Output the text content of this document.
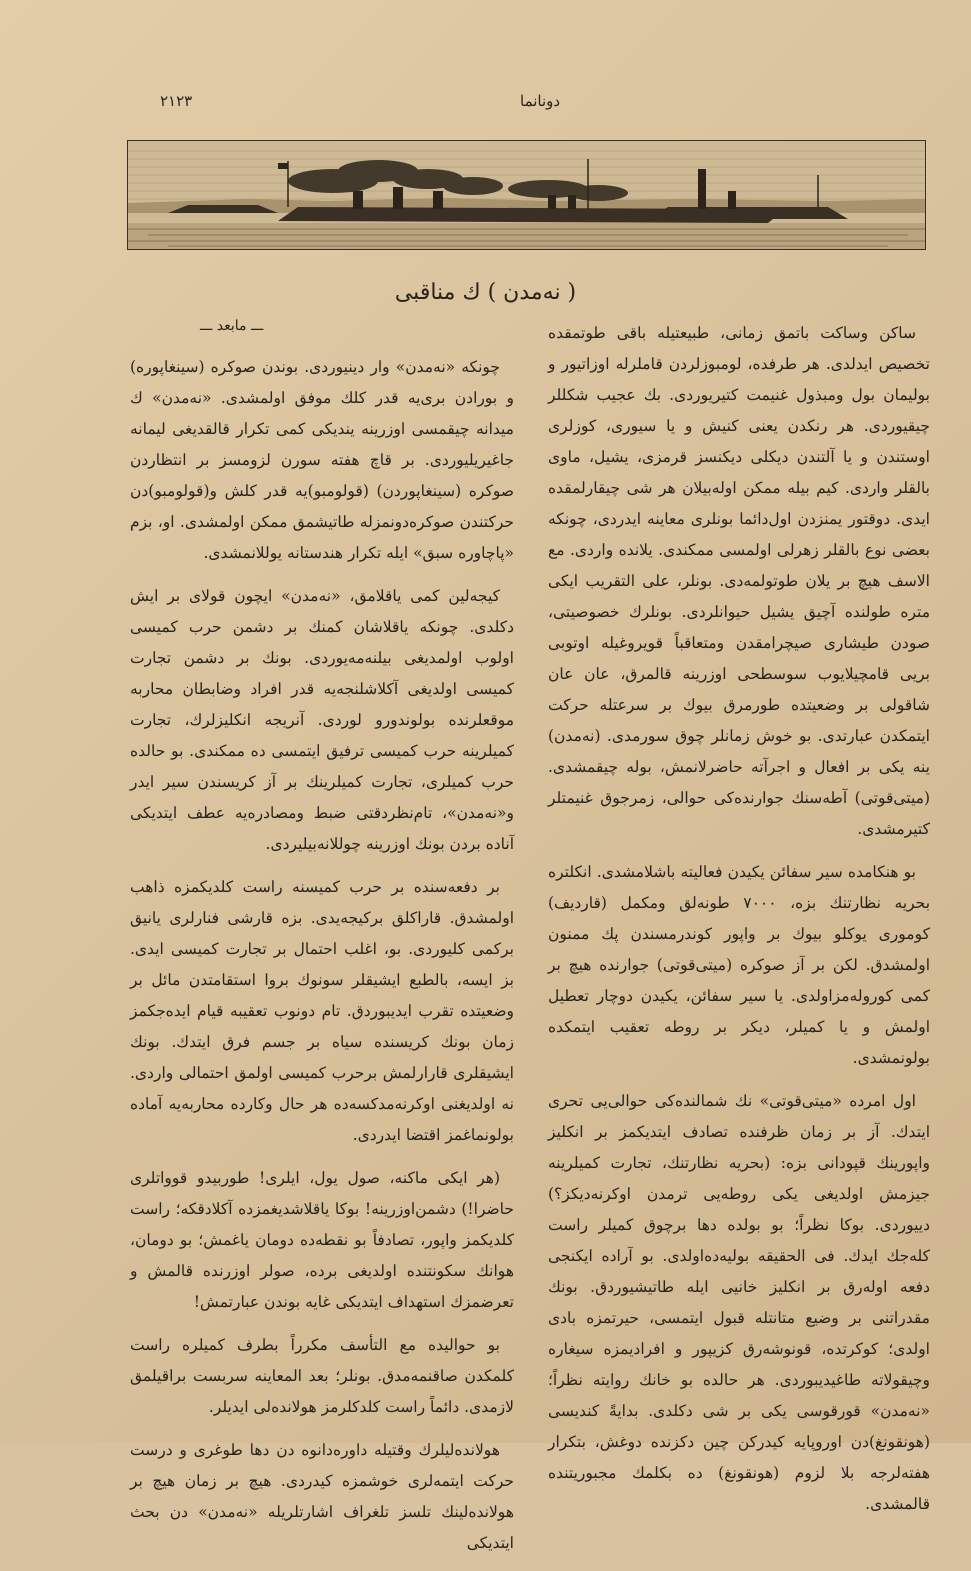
٢١٢٣	دونانما
( نه‌مدن ) ك مناقبی
ـــ مابعد ـــ	ساكن وساكت باتمق زمانی، طبیعتیله باقی طوتمقده تخصیص ایدلدی. هر طرفده، لومبوزلردن قاملرله اوزاتیور و بولیمان بول ومبذول غنیمت كتیریوردی. بك عجیب شكللر چیقیوردی. هر رنكدن یعنی كنیش و یا سیوری، كوزلری اوستندن و یا آلتندن دیكلی دیكنسز قرمزی، یشیل، ماوی بالقلر واردی. كیم بیله ممكن اوله‌بیلان هر شی چیقارلمقده ایدی. دوقتور یمنزدن اول‌دائما بونلری معاینه ایدردی، چونكه بعضی نوع بالقلر زهرلی اولمسی ممكندی. یلانده واردی. مع الاسف هیچ بر یلان طوتولمه‌دی. بونلر، علی التقریب ایكی متره طولنده آچیق یشیل حیوانلردی. بونلرك خصوصیتی، صودن طیشاری صیچرامقدن ومتعاقباً قویروغیله اوتوبی بریی قامچیلایوب سوسطحی اوزرینه قالمرق، عان عان شاقولی بر وضعیتده طورمرق بیوك بر سرعتله حركت ایتمكدن عبارتدی. بو خوش زمانلر چوق سورمدی. (نه‌مدن) ینه یكی بر افعال و اجرآته حاضرلانمش، بوله چیقمشدی. (میتی‌قوتی) آطه‌سنك جوارنده‌كی حوالی، زمرجوق غنیمتلر كتیرمشدی.

بو هنكامده سیر سفائن یكیدن فعالیته باشلامشدی. انكلتره بحریه نظارتنك بزه، ٧٠٠٠ طونه‌لق ومكمل (قاردیف) كوموری یوكلو بیوك بر واپور كوندرمسندن پك ممنون اولمشدق. لكن بر آز صوكره (میتی‌قوتی) جوارنده هیچ بر كمی كوروله‌مزاولدی. یا سیر سفائن، یكیدن دوچار تعطیل اولمش و یا كمیلر، دیكر بر روطه تعقیب ایتمكده بولونمشدی.

اول امرده «میتی‌قوتی» نك شمالنده‌كی حوالی‌یی تحری ایتدك. آز بر زمان ظرفنده تصادف ایتدیكمز بر انكلیز واپورینك قپودانی بزه: (بحریه نظارتنك، تجارت كمیلرینه جیزمش اولدیغی یكی روطه‌یی ترمدن اوكرنه‌دیكز؟) دییوردی. بوكا نظراً؛ بو بولده دها برچوق كمیلر راست كله‌جك ایدك. فی الحقیقه بولیه‌ده‌اولدی. بو آراده ایكنجی دفعه اوله‌رق بر انكلیز خانیی ایله طاتیشیوردق. بونك مقدراتنی بر وضیع متانتله قبول ایتمسی، حیرتمزه بادی اولدی؛ كوكرتده، قونوشه‌رق كزیپور و افرادیمزه سیغاره وچیقولاته طاغیدیبوردی. هر حالده بو خانك روایته نظراً؛ «نه‌مدن» قورقوسی یكی بر شی دكلدی. بدایةً كندیسی (هونقونغ)دن اوروپایه كیدركن چین دكزنده دوغش، بتكرار هفته‌لرجه بلا لزوم (هونقونغ) ده بكلمك مجبوریتنده قالمشدی.

چونكه «نه‌مدن» وار دینیوردی. بوندن صوكره (سینغاپوره) و بورادن بری‌یه قدر كلك موفق اولمشدی. «نه‌مدن» ك میدانه چیقمسی اوزرینه یندیكی كمی تكرار قالقدیغی لیمانه جاغیریلیوردی. بر قاچ هفته سورن لزومسز بر انتظاردن صوكره (سینغاپوردن) (قولومبو)یه قدر كلش و(قولومبو)دن حركتندن صوكره‌دونمزله طاتیشمق ممكن اولمشدی. او، بزم «پاچاوره سبق» ایله تكرار هندستانه یوللانمشدی.

كیجه‌لین كمی یاقلامق، «نه‌مدن» ایچون قولای بر ایش دكلدی. چونكه یاقلاشان كمنك بر دشمن حرب كمیسی اولوب اولمدیغی بیلنه‌مه‌یوردی. بونك بر دشمن تجارت كمیسی اولدیغی آكلاشلنجه‌یه قدر افراد وضابطان محاربه موقعلرنده بولوندورو لوردی. آنریجه انكلیزلرك، تجارت كمیلرینه حرب كمیسی ترفیق ایتمسی ده ممكندی. بو حالده حرب كمیلری، تجارت كمیلرینك بر آز كریسندن سیر ایدر و«نه‌مدن»، تام‌نظردقتی ضبط ومصادره‌یه عطف ایتدیكی آناده بردن بونك اوزرینه چوللانه‌بیلیردی.

بر دفعه‌سنده بر حرب كمیسنه راست كلدیكمزه ذاهب اولمشدق. قاراكلق بركیجه‌یدی. بزه قارشی فنارلری یانیق بركمی كلیوردی. بو، اغلب احتمال بر تجارت كمیسی ایدی. بز ایسه، بالطبع ایشیقلر سونوك بروا استقامتدن مائل بر وضعیتده تقرب ایدیبوردق. تام دونوب تعقیبه قیام ایده‌جكمز زمان بونك كریسنده سیاه بر جسم فرق ایتدك. بونك ایشیقلری قارارلمش برحرب كمیسی اولمق احتمالی واردی. نه اولدیغنی اوكرنه‌مدكسه‌ده هر حال وكارده محاربه‌یه آماده بولونماغمز اقتضا ایدردی.

(هر ایكی ماكنه، صول یول، ایلری! طوربیدو قوواتلری حاضرا!) دشمن‌اوزرینه! بوكا یاقلاشدیغمزده آكلادقكه؛ راست كلدیكمز واپور، تصادفاً بو نقطه‌ده دومان یاغمش؛ بو دومان، هوانك سكونتنده اولدیغی برده، صولر اوزرنده قالمش و تعرضمزك استهداف ایتدیكی غایه بوندن عبارتمش!

بو حوالیده مع التأسف مكرراً بطرف كمیلره راست كلمكدن صاقنمه‌مدق. بونلر؛ بعد المعاینه سربست براقیلمق لازمدی. دائماً راست كلدكلرمز هولانده‌لی ایدیلر.

هولانده‌لیلرك وقتیله داوره‌دانوه دن دها طوغری و درست حركت ایتمه‌لری خوشمزه كیدردی. هیچ بر زمان هیچ بر هولانده‌لینك تلسز تلغراف اشارتلریله «نه‌مدن» دن بحث ایتدیكی
